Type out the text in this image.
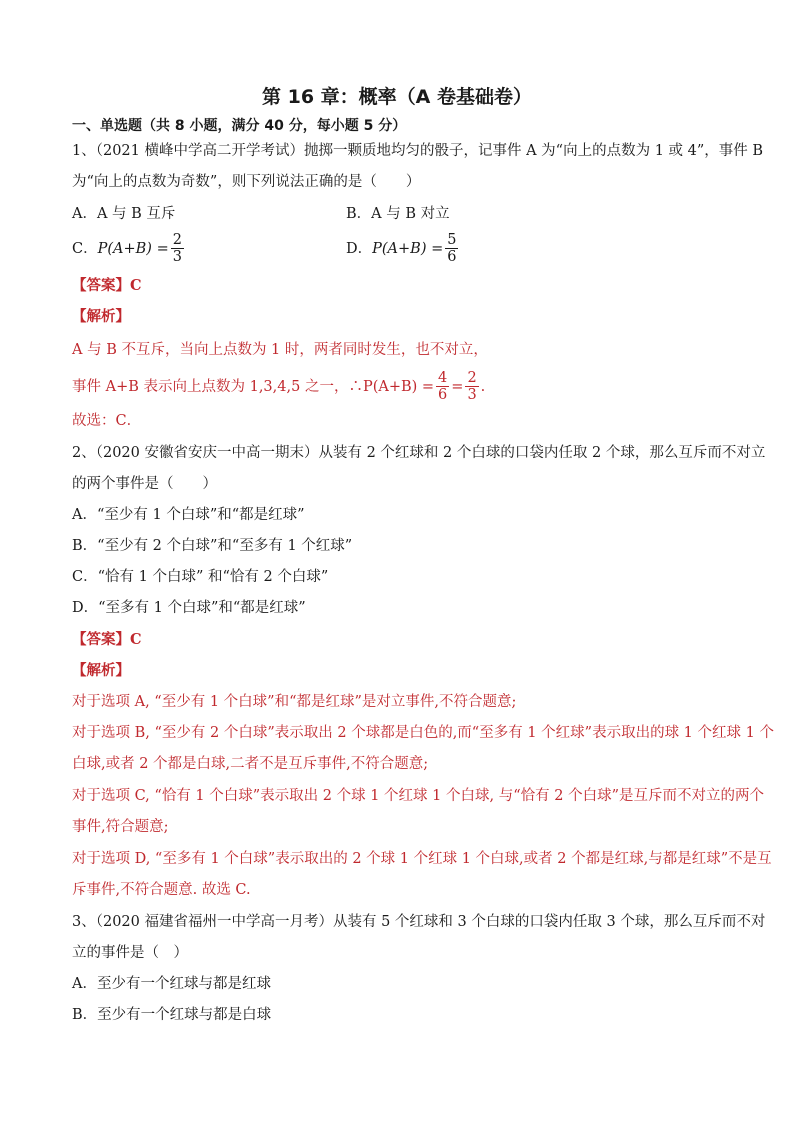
第 16 章：概率（A 卷基础卷）
一、单选题（共 8 小题，满分 40 分，每小题 5 分）
1、（2021 横峰中学高二开学考试）抛掷一颗质地均匀的骰子，记事件 A 为“向上的点数为 1 或 4”，事件 B
为“向上的点数为奇数”，则下列说法正确的是（　　）
A．A 与 B 互斥	B．A 与 B 对立
C． $P(A+B) = \frac{2}{3}$	D． $P(A+B) = \frac{5}{6}$
【答案】C
【解析】
A 与 B 不互斥，当向上点数为 1 时，两者同时发生，也不对立，
事件 A+B 表示向上点数为 1,3,4,5 之一，∴P(A+B) = $\frac{4}{6} = \frac{2}{3}$ .
故选：C．
2、（2020 安徽省安庆一中高一期末）从装有 2 个红球和 2 个白球的口袋内任取 2 个球，那么互斥而不对立
的两个事件是（　　）
A．“至少有 1 个白球”和“都是红球”
B．“至少有 2 个白球”和“至多有 1 个红球”
C．“恰有 1 个白球” 和“恰有 2 个白球”
D．“至多有 1 个白球”和“都是红球”
【答案】C
【解析】
对于选项 A, “至少有 1 个白球”和“都是红球”是对立事件,不符合题意;
对于选项 B, “至少有 2 个白球”表示取出 2 个球都是白色的,而“至多有 1 个红球”表示取出的球 1 个红球 1 个
白球,或者 2 个都是白球,二者不是互斥事件,不符合题意;
对于选项 C, “恰有 1 个白球”表示取出 2 个球 1 个红球 1 个白球, 与“恰有 2 个白球”是互斥而不对立的两个
事件,符合题意;
对于选项 D, “至多有 1 个白球”表示取出的 2 个球 1 个红球 1 个白球,或者 2 个都是红球,与都是红球”不是互
斥事件,不符合题意. 故选 C.
3、（2020 福建省福州一中学高一月考）从装有 5 个红球和 3 个白球的口袋内任取 3 个球，那么互斥而不对
立的事件是（　）
A．至少有一个红球与都是红球
B．至少有一个红球与都是白球
